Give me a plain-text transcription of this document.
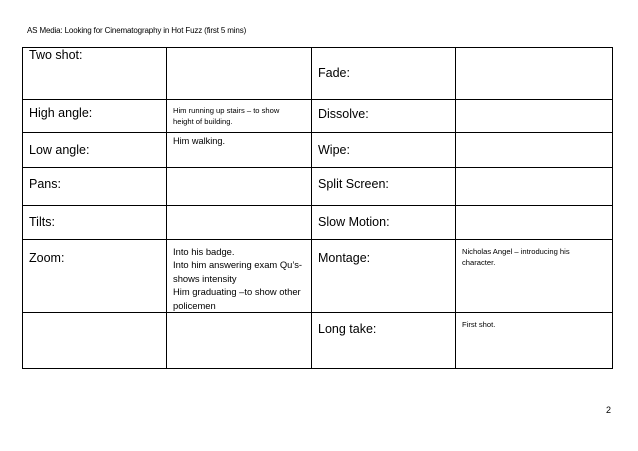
AS Media: Looking for Cinematography in Hot Fuzz (first 5 mins)
Two shot:		Fade:	
High angle:	Him running up stairs – to show
height of building.	Dissolve:	
Low angle:	Him walking.	Wipe:	
Pans:		Split Screen:	
Tilts:		Slow Motion:	
Zoom:	Into his badge.
Into him answering exam Qu’s-
shows intensity
Him graduating –to show other
policemen	Montage:	Nicholas Angel – introducing his
character.

		Long take:	First shot.
2
